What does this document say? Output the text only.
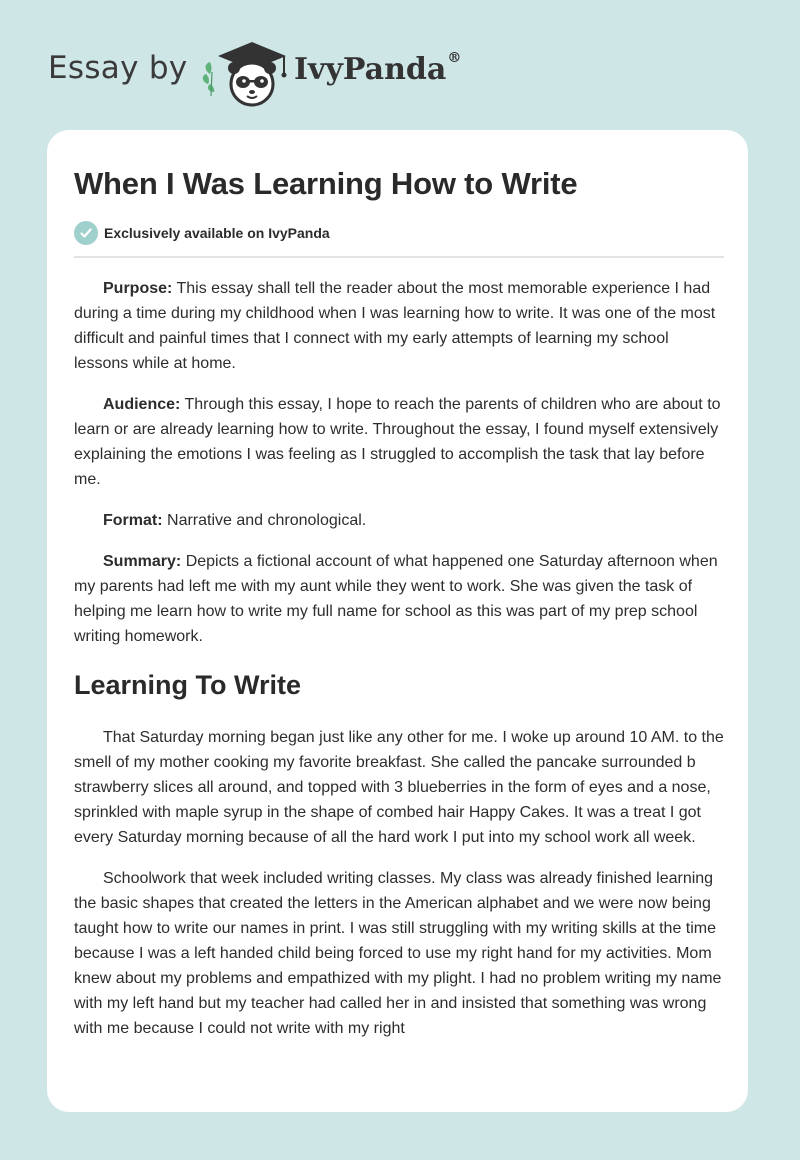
Essay by	IvyPanda®
When I Was Learning How to Write
Exclusively available on IvyPanda

Purpose: This essay shall tell the reader about the most memorable experience I had during a time during my childhood when I was learning how to write. It was one of the most difficult and painful times that I connect with my early attempts of learning my school lessons while at home.

Audience: Through this essay, I hope to reach the parents of children who are about to learn or are already learning how to write. Throughout the essay, I found myself extensively explaining the emotions I was feeling as I struggled to accomplish the task that lay before me.

Format: Narrative and chronological.

Summary: Depicts a fictional account of what happened one Saturday afternoon when my parents had left me with my aunt while they went to work. She was given the task of helping me learn how to write my full name for school as this was part of my prep school writing homework.

Learning To Write

That Saturday morning began just like any other for me. I woke up around 10 AM. to the smell of my mother cooking my favorite breakfast. She called the pancake surrounded b strawberry slices all around, and topped with 3 blueberries in the form of eyes and a nose, sprinkled with maple syrup in the shape of combed hair Happy Cakes. It was a treat I got every Saturday morning because of all the hard work I put into my school work all week.

Schoolwork that week included writing classes. My class was already finished learning the basic shapes that created the letters in the American alphabet and we were now being taught how to write our names in print. I was still struggling with my writing skills at the time because I was a left handed child being forced to use my right hand for my activities. Mom knew about my problems and empathized with my plight. I had no problem writing my name with my left hand but my teacher had called her in and insisted that something was wrong with me because I could not write with my right
